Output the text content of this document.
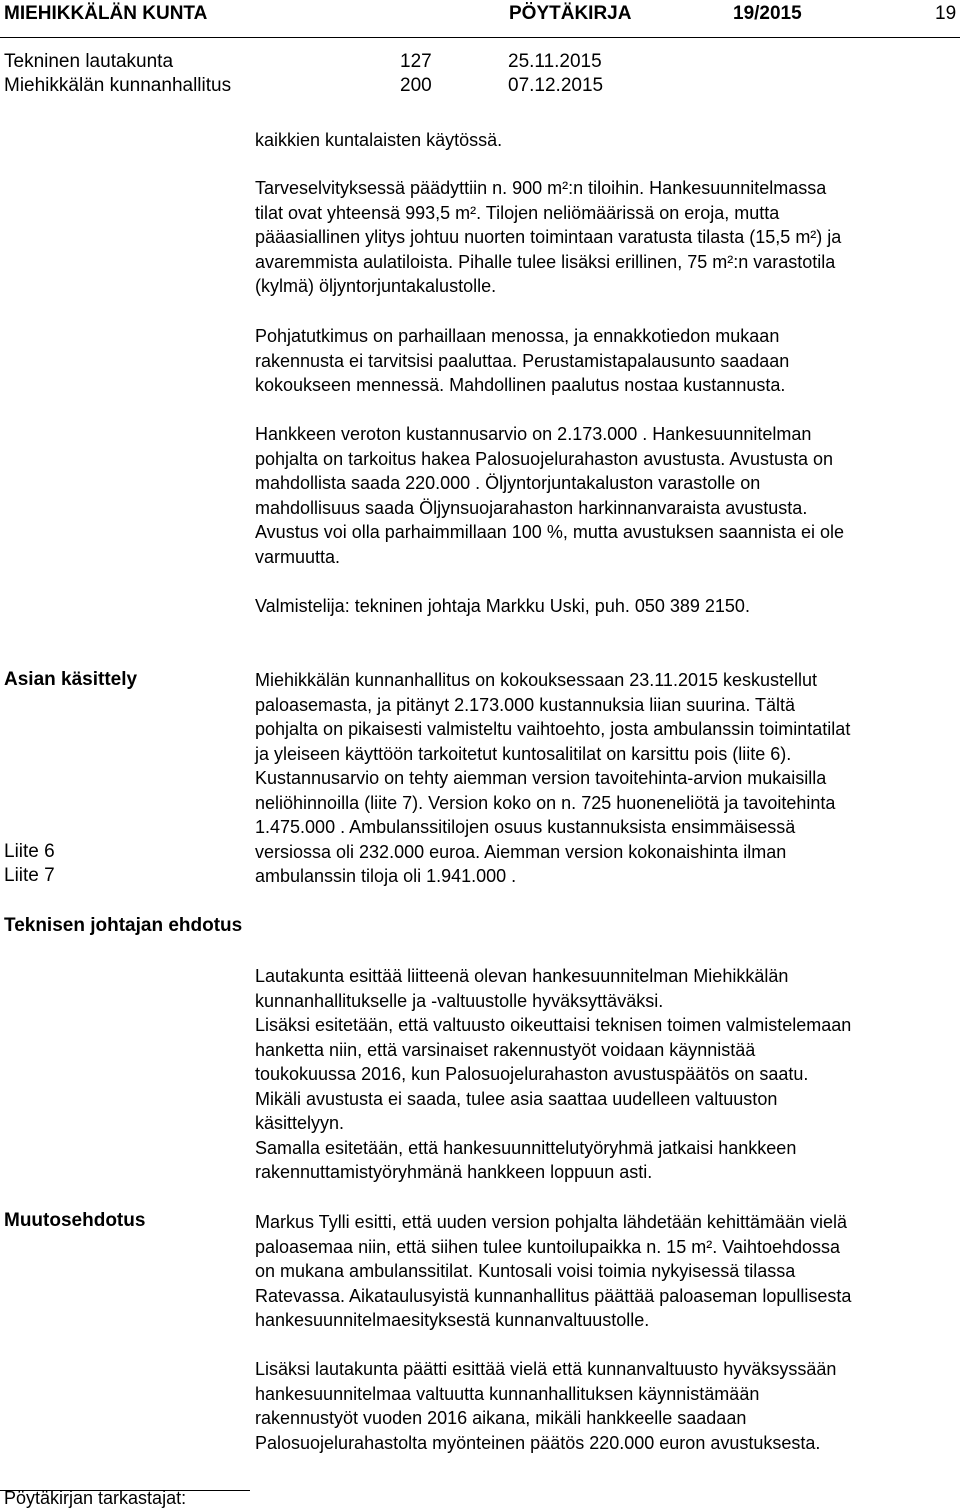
MIEHIKKÄLÄN KUNTA	PÖYTÄKIRJA	19/2015	19
Tekninen lautakunta	127	25.11.2015
Miehikkälän kunnanhallitus	200	07.12.2015

kaikkien kuntalaisten käytössä.

Tarveselvityksessä päädyttiin n. 900 m²:n tiloihin. Hankesuunnitelmassa

tilat ovat yhteensä 993,5 m². Tilojen neliömäärissä on eroja, mutta

pääasiallinen ylitys johtuu nuorten toimintaan varatusta tilasta (15,5 m²) ja

avaremmista aulatiloista. Pihalle tulee lisäksi erillinen, 75 m²:n varastotila

(kylmä) öljyntorjuntakalustolle.

Pohjatutkimus on parhaillaan menossa, ja ennakkotiedon mukaan

rakennusta ei tarvitsisi paaluttaa. Perustamistapalausunto saadaan

kokoukseen mennessä. Mahdollinen paalutus nostaa kustannusta.

Hankkeen veroton kustannusarvio on 2.173.000 . Hankesuunnitelman

pohjalta on tarkoitus hakea Palosuojelurahaston avustusta. Avustusta on

mahdollista saada 220.000 . Öljyntorjuntakaluston varastolle on

mahdollisuus saada Öljynsuojarahaston harkinnanvaraista avustusta.

Avustus voi olla parhaimmillaan 100 %, mutta avustuksen saannista ei ole

varmuutta.

Valmistelija: tekninen johtaja Markku Uski, puh. 050 389 2150.

Asian käsittely	Miehikkälän kunnanhallitus on kokouksessaan 23.11.2015 keskustellut

paloasemasta, ja pitänyt 2.173.000 kustannuksia liian suurina. Tältä

pohjalta on pikaisesti valmisteltu vaihtoehto, josta ambulanssin toimintatilat

ja yleiseen käyttöön tarkoitetut kuntosalitilat on karsittu pois (liite 6).

Kustannusarvio on tehty aiemman version tavoitehinta-arvion mukaisilla

neliöhinnoilla (liite 7). Version koko on n. 725 huoneneliötä ja tavoitehinta

1.475.000 . Ambulanssitilojen osuus kustannuksista ensimmäisessä

versiossa oli 232.000 euroa. Aiemman version kokonaishinta ilman

ambulanssin tiloja oli 1.941.000 .

Liite 6
Liite 7
Teknisen johtajan ehdotus

Lautakunta esittää liitteenä olevan hankesuunnitelman Miehikkälän

kunnanhallitukselle ja -valtuustolle hyväksyttäväksi.

Lisäksi esitetään, että valtuusto oikeuttaisi teknisen toimen valmistelemaan

hanketta niin, että varsinaiset rakennustyöt voidaan käynnistää

toukokuussa 2016, kun Palosuojelurahaston avustuspäätös on saatu.

Mikäli avustusta ei saada, tulee asia saattaa uudelleen valtuuston

käsittelyyn.

Samalla esitetään, että hankesuunnittelutyöryhmä jatkaisi hankkeen

rakennuttamistyöryhmänä hankkeen loppuun asti.

Muutosehdotus	Markus Tylli esitti, että uuden version pohjalta lähdetään kehittämään vielä

paloasemaa niin, että siihen tulee kuntoilupaikka n. 15 m². Vaihtoehdossa

on mukana ambulanssitilat. Kuntosali voisi toimia nykyisessä tilassa

Ratevassa. Aikataulusyistä kunnanhallitus päättää paloaseman lopullisesta

hankesuunnitelmaesityksestä kunnanvaltuustolle.

Lisäksi lautakunta päätti esittää vielä että kunnanvaltuusto hyväksyssään

hankesuunnitelmaa valtuutta kunnanhallituksen käynnistämään

rakennustyöt vuoden 2016 aikana, mikäli hankkeelle saadaan

Palosuojelurahastolta myönteinen päätös 220.000 euron avustuksesta.

Pöytäkirjan tarkastajat:
